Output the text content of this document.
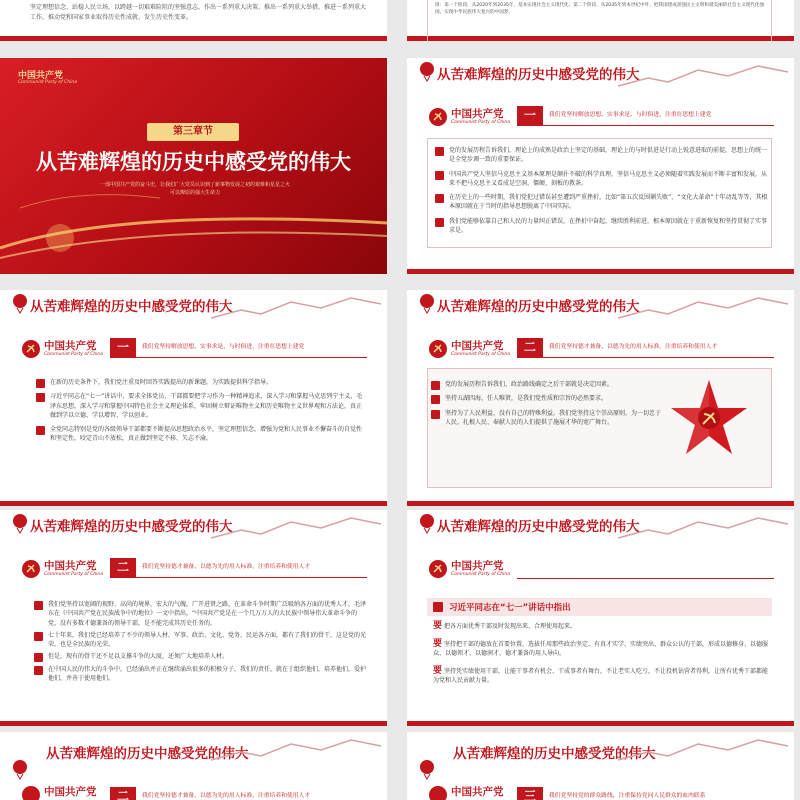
坚定理想信念、站稳人民立场，以跨越一切艰难险阻的坚强意志，作出一系列重大决策、推出一系列重大举措，推进一系列重大工作，推动党和国家事业取得历史性成就、发生历史性变革。
排：第一个阶段，从2020年到2035年，基本实现社会主义现代化；第二个阶段，从2035年到本世纪中叶，把我国建成富强民主文明和谐美丽的社会主义现代化强国，实现中华民族伟大复兴的中国梦。
中国共产党
Communist Party of China
第三章节
从苦难辉煌的历史中感受党的伟大
一部中国共产党的奋斗史，让我们广大党员认识到了新事物发展之初的艰难和星星之火可以燎原的强大生命力
从苦难辉煌的历史中感受党的伟大
中国共产党
Communist Party of China
一	我们党坚持解放思想、实事求是、与时俱进，注重在思想上建党
党的发展历程告诉我们，理论上的成熟是政治上坚定的基础，理论上的与时俱进是行动上锐意进取的前提，思想上的统一是全党步调一致的重要保证。
中国共产党人坚信马克思主义基本原理是颠扑不破的科学真理，坚信马克思主义必须随着实践发展而不断丰富和发展，从来不把马克思主义看成是空洞、僵硬、刻板的教条。
在历史上的一些时期，我们党犯过错误甚至遭到严重挫折，比如“第五次反围剿失败”、“文化大革命”十年动乱等等，其根本原因就在于当时的指导思想脱离了中国实际。
我们党能够依靠自己和人民的力量纠正错误，在挫折中奋起，继续胜利前进，根本原因就在于重新恢复和坚持贯彻了实事求是。
从苦难辉煌的历史中感受党的伟大
中国共产党
Communist Party of China
一	我们党坚持解放思想、实事求是、与时俱进，注重在思想上建党
在新的历史条件下，我们党注重及时回答实践提出的新课题，为实践提供科学指导。
习近平同志在“七一”讲话中，要求全体党员、干部都要把学习作为一种精神追求，深入学习和掌握马克思列宁主义、毛泽东思想，深入学习和掌握中国特色社会主义理论体系，牢固树立辩证唯物主义和历史唯物主义世界观和方法论，真正做到学以立德、学以增智、学以创业。
全党同志特别是党的各级领导干部都要不断提高思想政治水平，坚定理想信念，增强为党和人民事业不懈奋斗的自觉性和坚定性，咬定青山不放松，真正做到坚定不移、矢志不渝。
从苦难辉煌的历史中感受党的伟大
中国共产党
Communist Party of China
二	我们党坚持德才兼备、以德为先的用人标准，注重培养和使用人才
党的发展历程告诉我们，政治路线确定之后干部就是决定因素。
坚持五湖四海、任人唯贤，是我们党性质和宗旨的必然要求。
坚持为了人民利益，没有自己的特殊利益。我们党坚持这个崇高原则，为一切忠于人民、扎根人民、奉献人民的人们提供了施展才华的宽广舞台。
从苦难辉煌的历史中感受党的伟大
中国共产党
Communist Party of China
二	我们党坚持德才兼备、以德为先的用人标准，注重培养和使用人才
我们党坚持以宽阔的视野、高尚的境界、宏大的气魄，广开进贤之路，在革命斗争时期广泛吸纳各方面的优秀人才，毛泽东在《中国共产党在民族战争中的地位》一文中指出，“中国共产党是在一个几万万人的大民族中领导伟大革命斗争的党，没有多数才德兼备的领导干部，是不能完成其历史任务的。
七十年来，我们党已经培养了不少的领导人材，军事、政治、文化、党务、民运各方面，都有了我们的骨干，这是党的光荣，也是全民族的光荣。
但是，现有的骨干还不足以支撑斗争的大厦，还须广大地培养人材。
在中国人民的伟大的斗争中，已经涌出并正在继续涌出很多的积极分子，我们的责任，就在于组织他们，培养他们，爱护他们，并善于使用他们。
从苦难辉煌的历史中感受党的伟大
中国共产党
Communist Party of China
习近平同志在“七一”讲话中指出
要把各方面优秀干部及时发现出来、合理使用起来。
要坚持把干部的德放在首要位置，选拔任用那些政治坚定、有真才实学、实绩突出、群众公认的干部，形成以德修身、以德服众、以德领才、以德润才、德才兼备的用人导向。
要坚持凭实绩使用干部，让能干事者有机会、干成事者有舞台，不让老实人吃亏，不让投机钻营者得利，让所有优秀干部都能为党和人民贡献力量。
从苦难辉煌的历史中感受党的伟大
中国共产党	二	我们党坚持德才兼备、以德为先的用人标准，注重培养和使用人才
从苦难辉煌的历史中感受党的伟大
中国共产党	三	我们党坚持党的群众路线，注重保持党同人民群众的血肉联系
